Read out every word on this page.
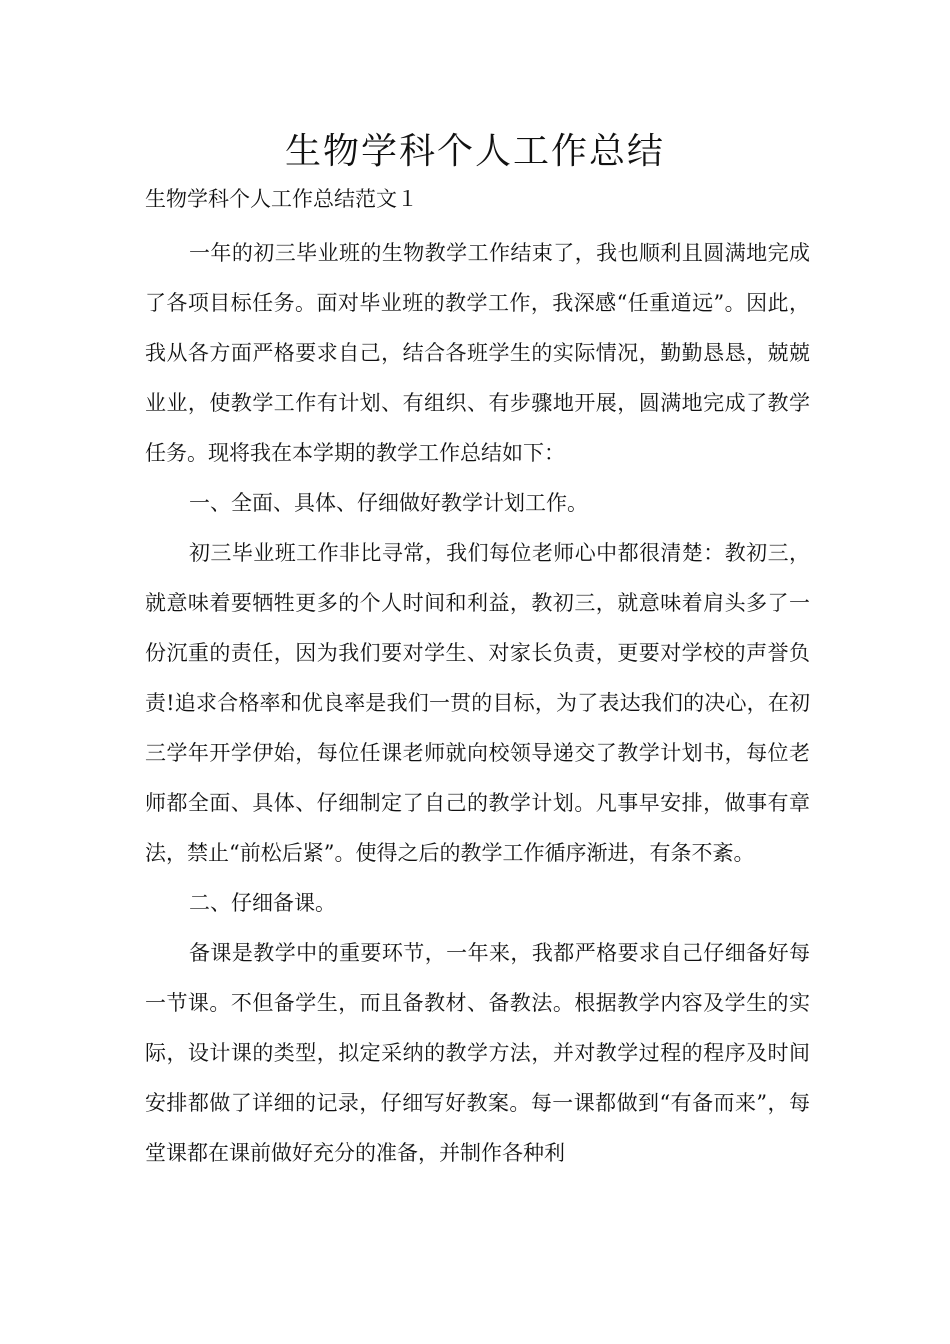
生物学科个人工作总结
生物学科个人工作总结范文１

一年的初三毕业班的生物教学工作结束了，我也顺利且圆满地完成了各项目标任务。面对毕业班的教学工作，我深感“任重道远”。因此，我从各方面严格要求自己，结合各班学生的实际情况，勤勤恳恳，兢兢业业，使教学工作有计划、有组织、有步骤地开展，圆满地完成了教学任务。现将我在本学期的教学工作总结如下：

一、全面、具体、仔细做好教学计划工作。

初三毕业班工作非比寻常，我们每位老师心中都很清楚：教初三，就意味着要牺牲更多的个人时间和利益，教初三，就意味着肩头多了一份沉重的责任，因为我们要对学生、对家长负责，更要对学校的声誉负责!追求合格率和优良率是我们一贯的目标，为了表达我们的决心，在初三学年开学伊始，每位任课老师就向校领导递交了教学计划书，每位老师都全面、具体、仔细制定了自己的教学计划。凡事早安排，做事有章法，禁止“前松后紧”。使得之后的教学工作循序渐进，有条不紊。

二、仔细备课。

备课是教学中的重要环节，一年来，我都严格要求自己仔细备好每一节课。不但备学生，而且备教材、备教法。根据教学内容及学生的实际，设计课的类型，拟定采纳的教学方法，并对教学过程的程序及时间安排都做了详细的记录，仔细写好教案。每一课都做到“有备而来”，每堂课都在课前做好充分的准备，并制作各种利
